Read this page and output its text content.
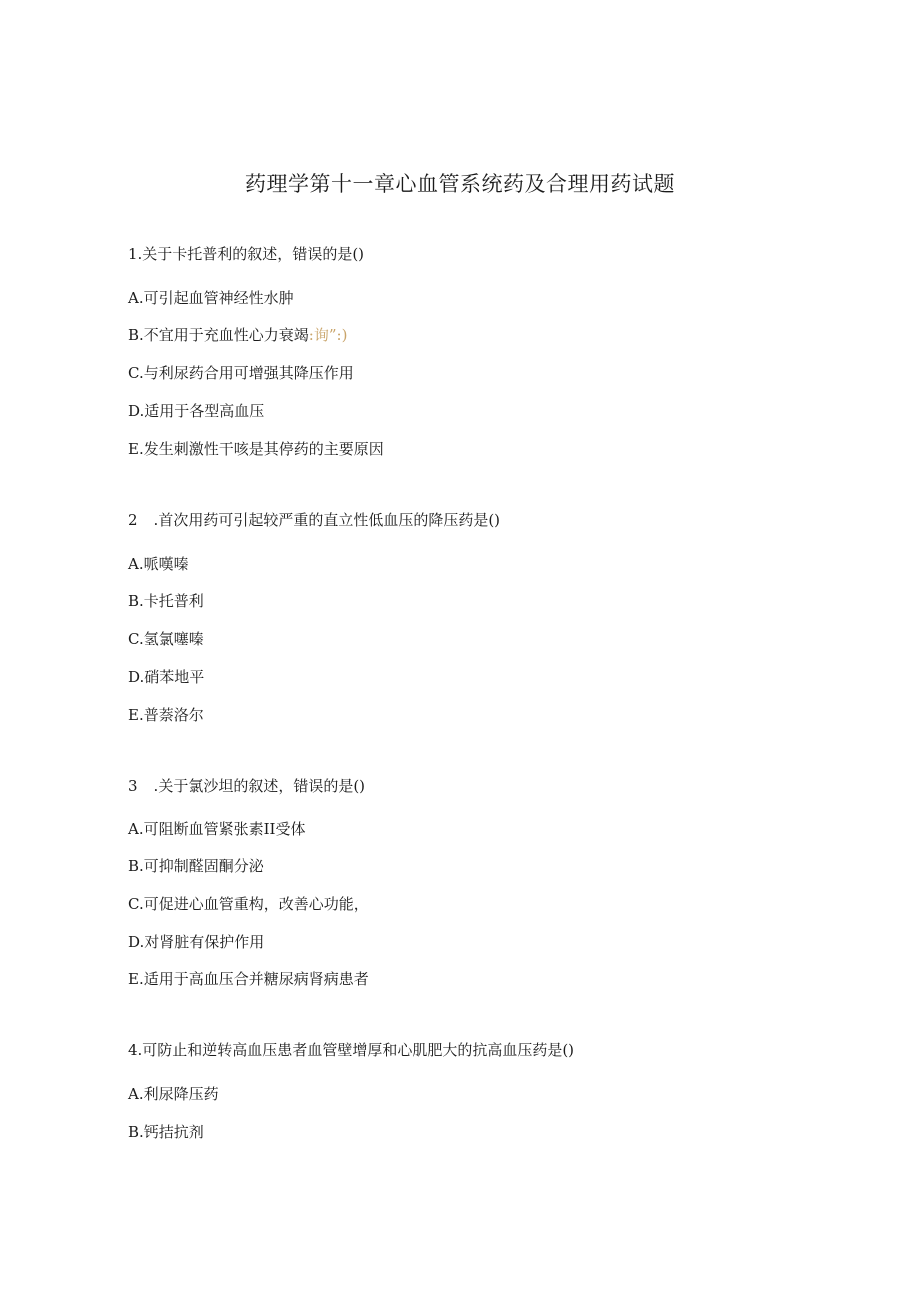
药理学第十一章心血管系统药及合理用药试题

1.关于卡托普利的叙述，错误的是()

A.可引起血管神经性水肿

B.不宜用于充血性心力衰竭:询”:)

C.与利尿药合用可增强其降压作用

D.适用于各型高血压

E.发生刺激性干咳是其停药的主要原因

2 .首次用药可引起较严重的直立性低血压的降压药是()

A.哌嘆嗪

B.卡托普利

C.氢氯噻嗪

D.硝苯地平

E.普萘洛尔

3 .关于氯沙坦的叙述，错误的是()

A.可阻断血管紧张素II受体

B.可抑制醛固酮分泌

C.可促进心血管重构，改善心功能，

D.对肾脏有保护作用

E.适用于高血压合并糖尿病肾病患者

4.可防止和逆转高血压患者血管壁增厚和心肌肥大的抗高血压药是()

A.利尿降压药

B.钙拮抗剂
